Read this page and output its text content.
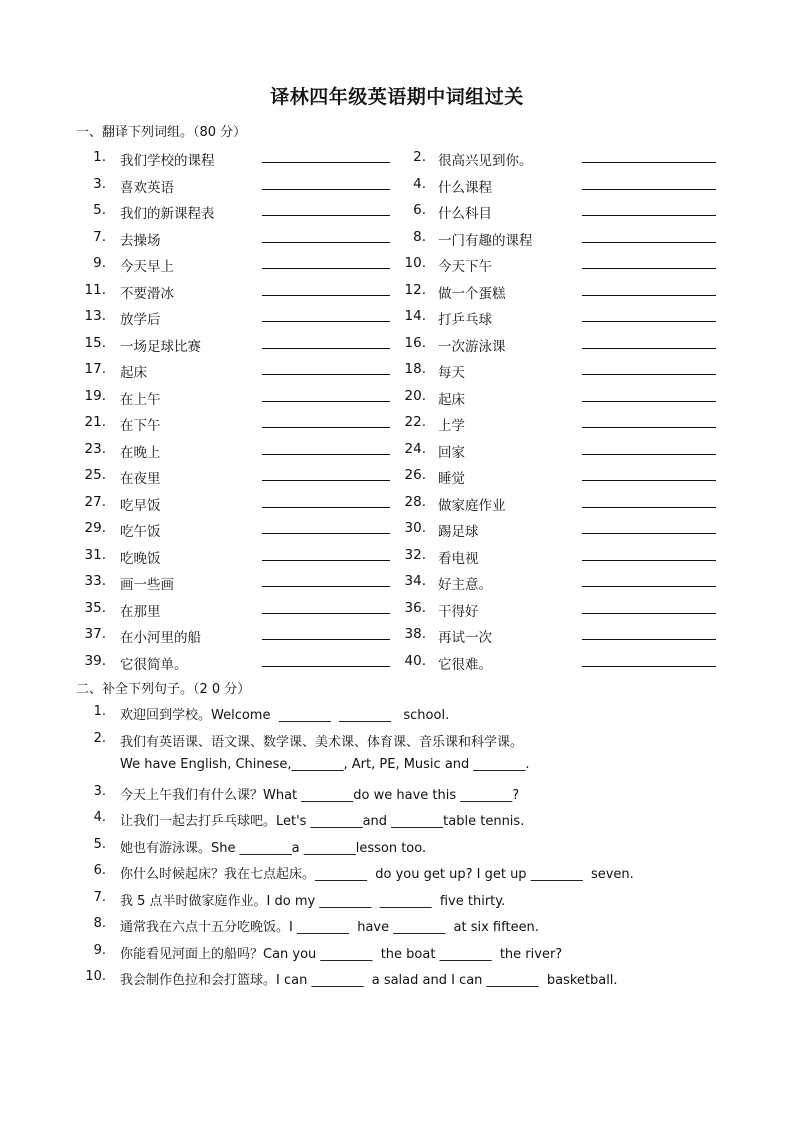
译林四年级英语期中词组过关
一、翻译下列词组。（80 分）
1. 我们学校的课程	2. 很高兴见到你。
3. 喜欢英语	4. 什么课程
5. 我们的新课程表	6. 什么科目
7. 去操场	8. 一门有趣的课程
9. 今天早上	10. 今天下午
11. 不要滑冰	12. 做一个蛋糕
13. 放学后	14. 打乒乓球
15. 一场足球比赛	16. 一次游泳课
17. 起床	18. 每天
19. 在上午	20. 起床
21. 在下午	22. 上学
23. 在晚上	24. 回家
25. 在夜里	26. 睡觉
27. 吃早饭	28. 做家庭作业
29. 吃午饭	30. 踢足球
31. 吃晚饭	32. 看电视
33. 画一些画	34. 好主意。
35. 在那里	36. 干得好
37. 在小河里的船	38. 再试一次
39. 它很简单。	40. 它很难。
二、补全下列句子。（2 0 分）
1. 欢迎回到学校。Welcome  ________  ________   school.
2. 我们有英语课、语文课、数学课、美术课、体育课、音乐课和科学课。
We have English, Chinese,________, Art, PE, Music and ________.
3. 今天上午我们有什么课？What ________do we have this ________?
4. 让我们一起去打乒乓球吧。Let's ________and ________table tennis.
5. 她也有游泳课。She ________a ________lesson too.
6. 你什么时候起床？我在七点起床。________  do you get up? I get up ________  seven.
7. 我 5 点半时做家庭作业。I do my ________  ________  five thirty.
8. 通常我在六点十五分吃晚饭。I ________  have ________  at six fifteen.
9. 你能看见河面上的船吗？Can you ________  the boat ________  the river?
10. 我会制作色拉和会打篮球。I can ________  a salad and I can ________  basketball.
